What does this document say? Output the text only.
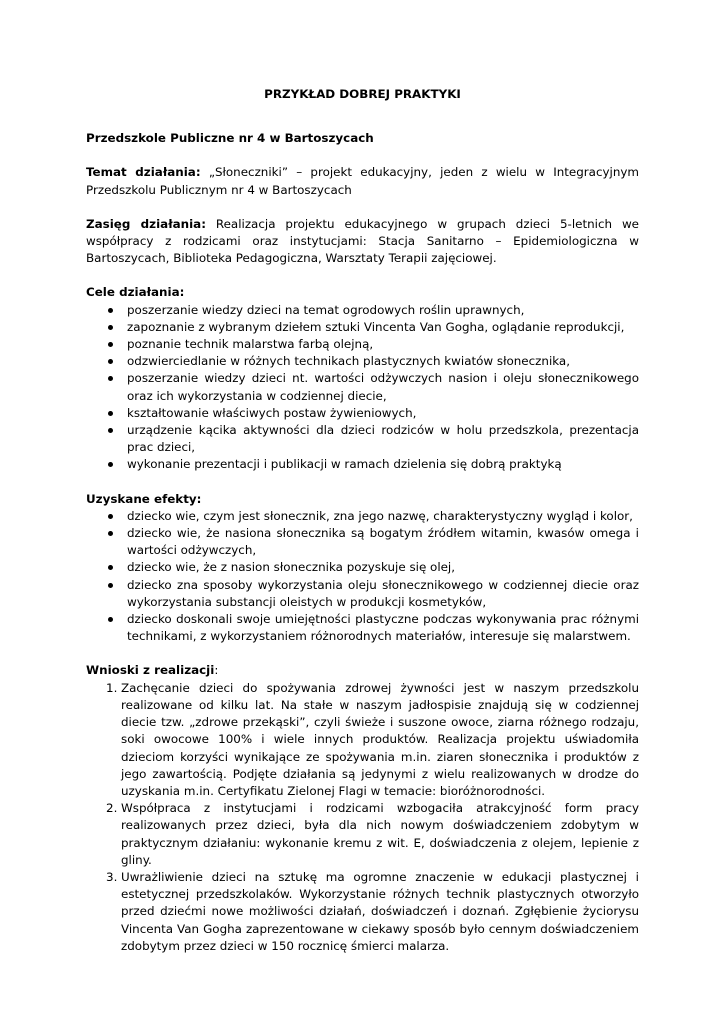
PRZYKŁAD DOBREJ PRAKTYKI

Przedszkole Publiczne nr 4 w Bartoszycach

Temat działania: „Słoneczniki” – projekt edukacyjny, jeden z wielu w Integracyjnym Przedszkolu Publicznym nr 4 w Bartoszycach

Zasięg działania: Realizacja projektu edukacyjnego w grupach dzieci 5-letnich we współpracy z rodzicami oraz instytucjami: Stacja Sanitarno – Epidemiologiczna w Bartoszycach, Biblioteka Pedagogiczna, Warsztaty Terapii zajęciowej.

Cele działania:

poszerzanie wiedzy dzieci na temat ogrodowych roślin uprawnych,
zapoznanie z wybranym dziełem sztuki Vincenta Van Gogha, oglądanie reprodukcji,
poznanie technik malarstwa farbą olejną,
odzwierciedlanie w różnych technikach plastycznych kwiatów słonecznika,
poszerzanie wiedzy dzieci nt. wartości odżywczych nasion i oleju słonecznikowego oraz ich wykorzystania w codziennej diecie,
kształtowanie właściwych postaw żywieniowych,
urządzenie kącika aktywności dla dzieci rodziców w holu przedszkola, prezentacja prac dzieci,
wykonanie prezentacji i publikacji w ramach dzielenia się dobrą praktyką

Uzyskane efekty:

dziecko wie, czym jest słonecznik, zna jego nazwę, charakterystyczny wygląd i kolor,
dziecko wie, że nasiona słonecznika są bogatym źródłem witamin, kwasów omega i wartości odżywczych,
dziecko wie, że z nasion słonecznika pozyskuje się olej,
dziecko zna sposoby wykorzystania oleju słonecznikowego w codziennej diecie oraz wykorzystania substancji oleistych w produkcji kosmetyków,
dziecko doskonali swoje umiejętności plastyczne podczas wykonywania prac różnymi technikami, z wykorzystaniem różnorodnych materiałów, interesuje się malarstwem.

Wnioski z realizacji:

1. Zachęcanie dzieci do spożywania zdrowej żywności jest w naszym przedszkolu realizowane od kilku lat. Na stałe w naszym jadłospisie znajdują się w codziennej diecie tzw. „zdrowe przekąski”, czyli świeże i suszone owoce, ziarna różnego rodzaju, soki owocowe 100% i wiele innych produktów. Realizacja projektu uświadomiła dzieciom korzyści wynikające ze spożywania m.in. ziaren słonecznika i produktów z jego zawartością. Podjęte działania są jedynymi z wielu realizowanych w drodze do uzyskania m.in. Certyfikatu Zielonej Flagi w temacie: bioróżnorodności.
2. Współpraca z instytucjami i rodzicami wzbogaciła atrakcyjność form pracy realizowanych przez dzieci, była dla nich nowym doświadczeniem zdobytym w praktycznym działaniu: wykonanie kremu z wit. E, doświadczenia z olejem, lepienie z gliny.
3. Uwrażliwienie dzieci na sztukę ma ogromne znaczenie w edukacji plastycznej i estetycznej przedszkolaków. Wykorzystanie różnych technik plastycznych otworzyło przed dziećmi nowe możliwości działań, doświadczeń i doznań. Zgłębienie życiorysu Vincenta Van Gogha zaprezentowane w ciekawy sposób było cennym doświadczeniem zdobytym przez dzieci w 150 rocznicę śmierci malarza.
